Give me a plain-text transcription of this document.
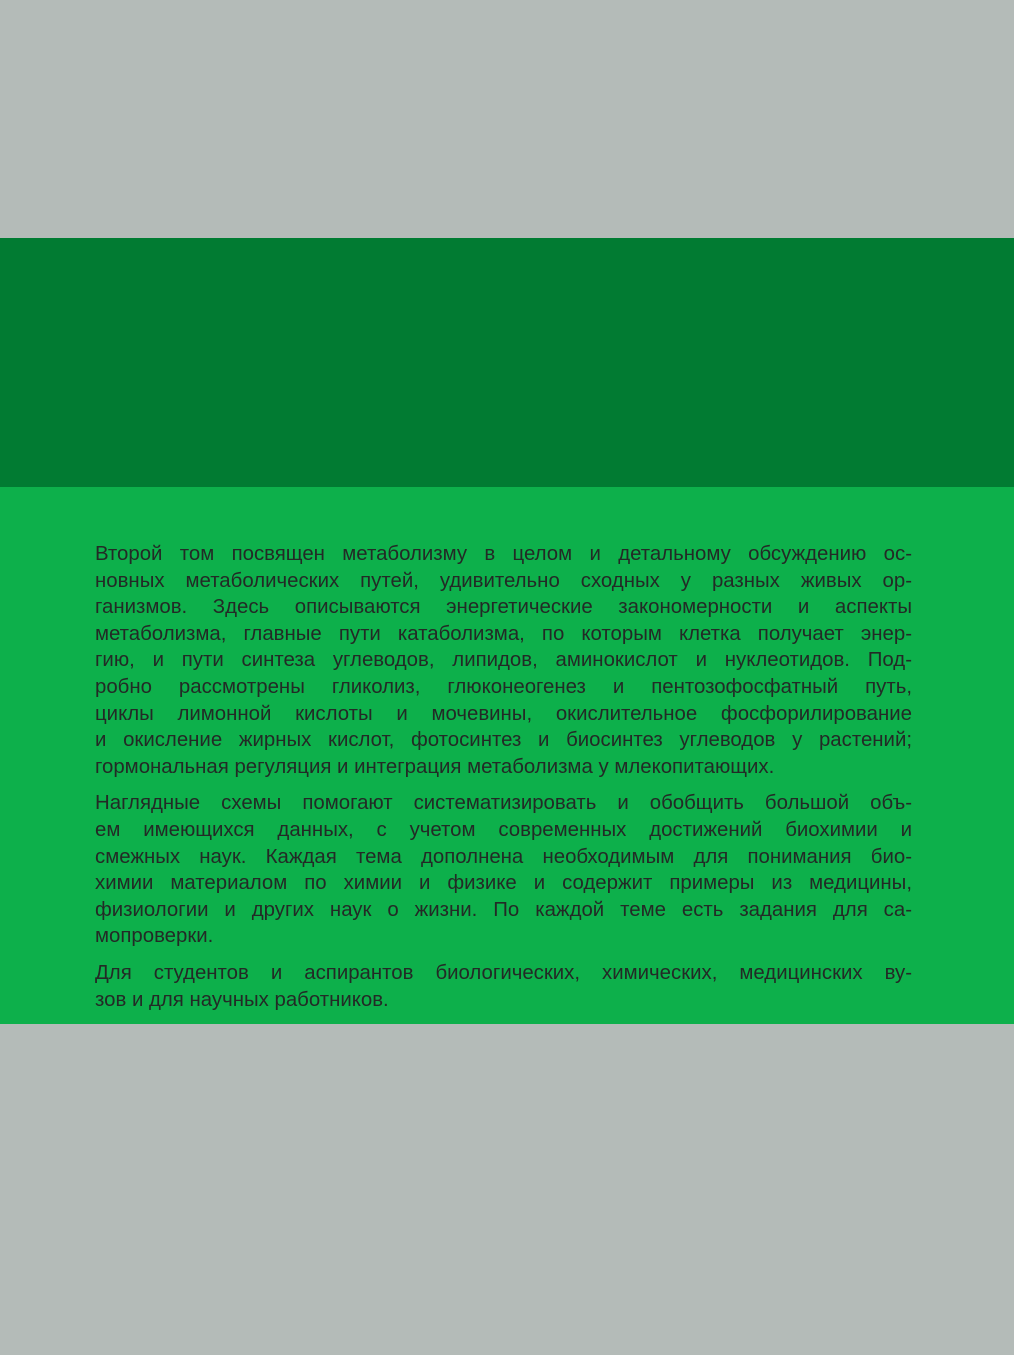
Второй том посвящен метаболизму в целом и детальному обсуждению ос-
новных метаболических путей, удивительно сходных у разных живых ор-
ганизмов. Здесь описываются энергетические закономерности и аспекты
метаболизма, главные пути катаболизма, по которым клетка получает энер-
гию, и пути синтеза углеводов, липидов, аминокислот и нуклеотидов. Под-
робно рассмотрены гликолиз, глюконеогенез и пентозофосфатный путь,
циклы лимонной кислоты и мочевины, окислительное фосфорилирование
и окисление жирных кислот, фотосинтез и биосинтез углеводов у растений;
гормональная регуляция и интеграция метаболизма у млекопитающих.

Наглядные схемы помогают систематизировать и обобщить большой объ-
ем имеющихся данных, с учетом современных достижений биохимии и
смежных наук. Каждая тема дополнена необходимым для понимания био-
химии материалом по химии и физике и содержит примеры из медицины,
физиологии и других наук о жизни. По каждой теме есть задания для са-
мопроверки.

Для студентов и аспирантов биологических, химических, медицинских ву-
зов и для научных работников.
